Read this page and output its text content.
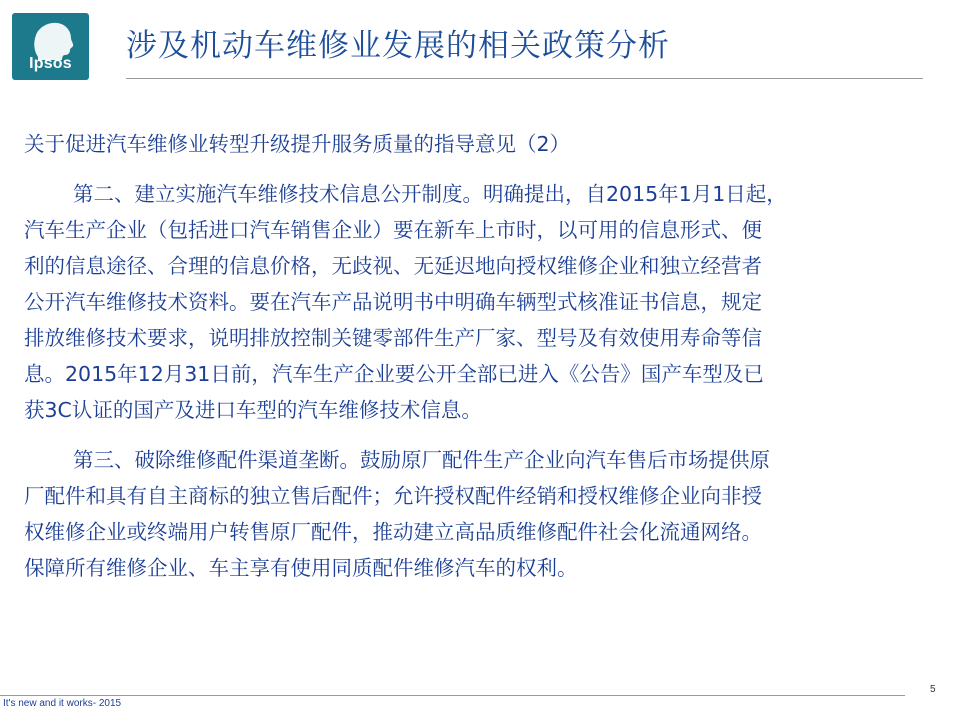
Ipsos	涉及机动车维修业发展的相关政策分析
关于促进汽车维修业转型升级提升服务质量的指导意见（2）
第二、建立实施汽车维修技术信息公开制度。明确提出，自2015年1月1日起，
汽车生产企业（包括进口汽车销售企业）要在新车上市时，以可用的信息形式、便
利的信息途径、合理的信息价格，无歧视、无延迟地向授权维修企业和独立经营者
公开汽车维修技术资料。要在汽车产品说明书中明确车辆型式核准证书信息，规定
排放维修技术要求，说明排放控制关键零部件生产厂家、型号及有效使用寿命等信
息。2015年12月31日前，汽车生产企业要公开全部已进入《公告》国产车型及已
获3C认证的国产及进口车型的汽车维修技术信息。
第三、破除维修配件渠道垄断。鼓励原厂配件生产企业向汽车售后市场提供原
厂配件和具有自主商标的独立售后配件；允许授权配件经销和授权维修企业向非授
权维修企业或终端用户转售原厂配件，推动建立高品质维修配件社会化流通网络。
保障所有维修企业、车主享有使用同质配件维修汽车的权利。
It's new and it works- 2015
5
